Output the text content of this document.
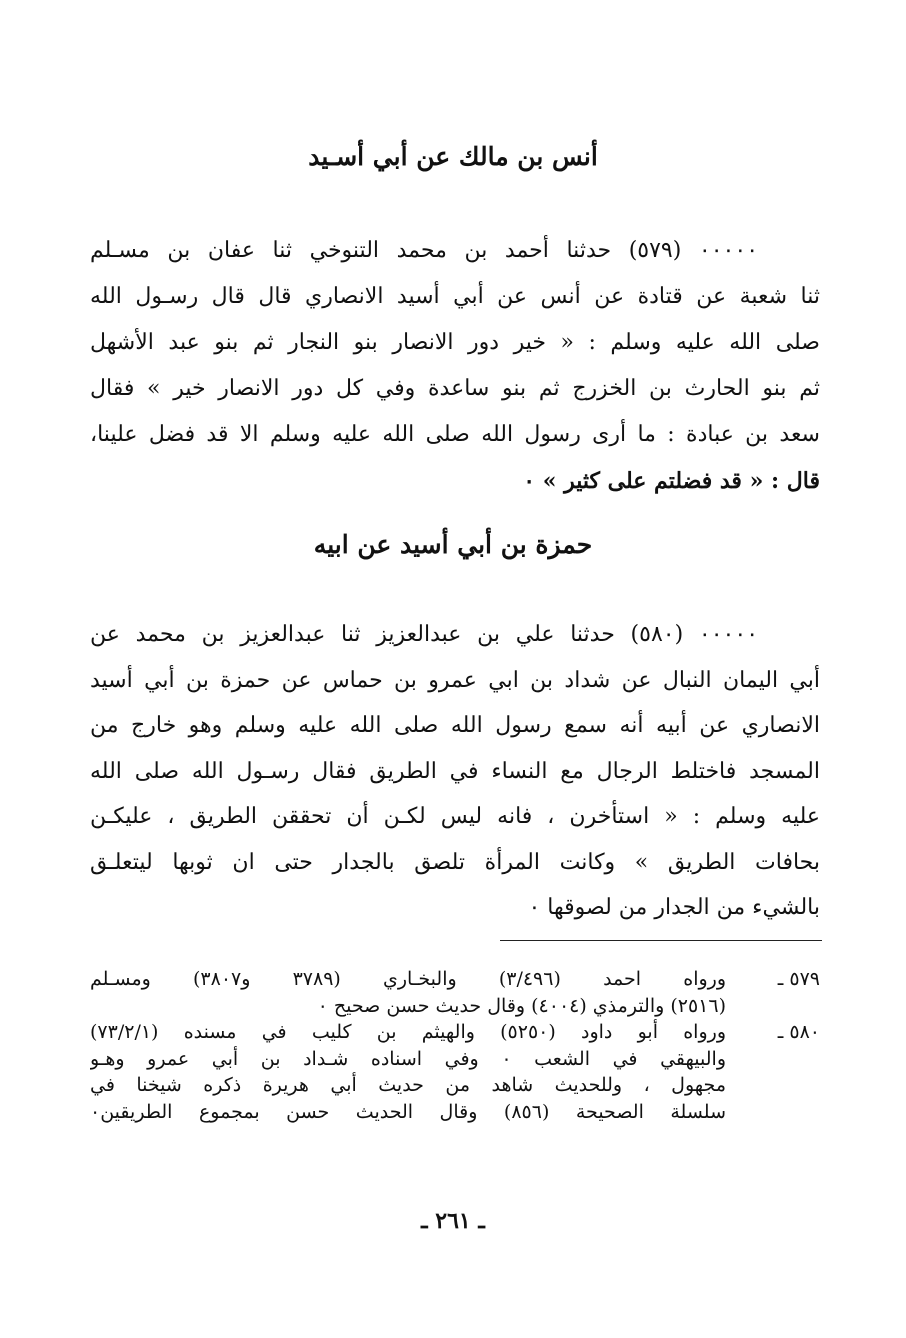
أنس بن مالك عن أبي أسـيد
٠٠٠٠٠ (٥٧٩) حدثنا أحمد بن محمد التنوخي ثنا عفان بن مسـلم
ثنا شعبة عن قتادة عن أنس عن أبي أسيد الانصاري قال قال رسـول الله
صلى الله عليه وسلم : « خير دور الانصار بنو النجار ثم بنو عبد الأشهل
ثم بنو الحارث بن الخزرج ثم بنو ساعدة وفي كل دور الانصار خير » فقال
سعد بن عبادة : ما أرى رسول الله صلى الله عليه وسلم الا قد فضل علينا،
قال : « قد فضلتم على كثير » ٠
حمزة بن أبي أسيد عن ابيه
٠٠٠٠٠ (٥٨٠) حدثنا علي بن عبدالعزيز ثنا عبدالعزيز بن محمد عن
أبي اليمان النبال عن شداد بن ابي عمرو بن حماس عن حمزة بن أبي أسيد
الانصاري عن أبيه أنه سمع رسول الله صلى الله عليه وسلم وهو خارج من
المسجد فاختلط الرجال مع النساء في الطريق فقال رسـول الله صلى الله
عليه وسلم : « استأخرن ، فانه ليس لكـن أن تحققن الطريق ، عليكـن
بحافات الطريق » وكانت المرأة تلصق بالجدار حتى ان ثوبها ليتعلـق
بالشيء من الجدار من لصوقها ٠
٥٧٩ ـ
ورواه احمد (٣/٤٩٦) والبخـاري (٣٧٨٩ و٣٨٠٧) ومسـلم
(٢٥١٦) والترمذي (٤٠٠٤) وقال حديث حسن صحيح ٠
٥٨٠ ـ
ورواه أبو داود (٥٢٥٠) والهيثم بن كليب في مسنده (٧٣/٢/١)
والبيهقي في الشعب ٠ وفي اسناده شـداد بن أبي عمرو وهـو
مجهول ، وللحديث شاهد من حديث أبي هريرة ذكره شيخنا في
سلسلة الصحيحة (٨٥٦) وقال الحديث حسن بمجموع الطريقين٠
ـ ٢٦١ ـ
